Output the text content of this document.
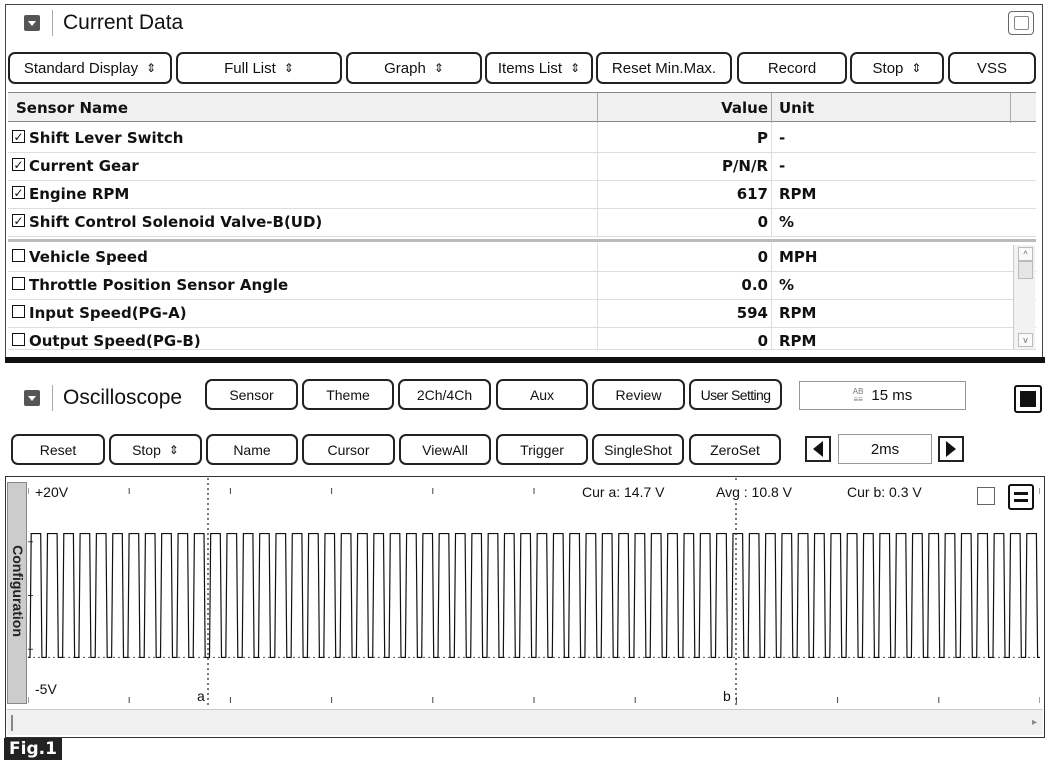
Current Data
Standard Display ⇕	Full List ⇕	Graph ⇕	Items List ⇕ Reset Min.Max.	Record	Stop ⇕	VSS
Sensor Name	Value Unit
✓ Shift Lever Switch	P -
✓ Current Gear	P/N/R -
✓ Engine RPM	617 RPM
✓ Shift Control Solenoid Valve-B(UD)	0 %
Vehicle Speed	0 MPH
Throttle Position Sensor Angle	0.0 %
Input Speed(PG-A)	594 RPM
Output Speed(PG-B)	0 RPM
^
v
Oscilloscope	Sensor	Theme	2Ch/4Ch	Aux	Review	User Setting	AB
≡≡ 15 ms
Reset	Stop ⇕	Name	Cursor	ViewAll	Trigger	SingleShot	ZeroSet	2ms
Configuration
+20V
-5V	a	b
Cur a: 14.7 V	Avg : 10.8 V	Cur b: 0.3 V
▸
Fig.1
